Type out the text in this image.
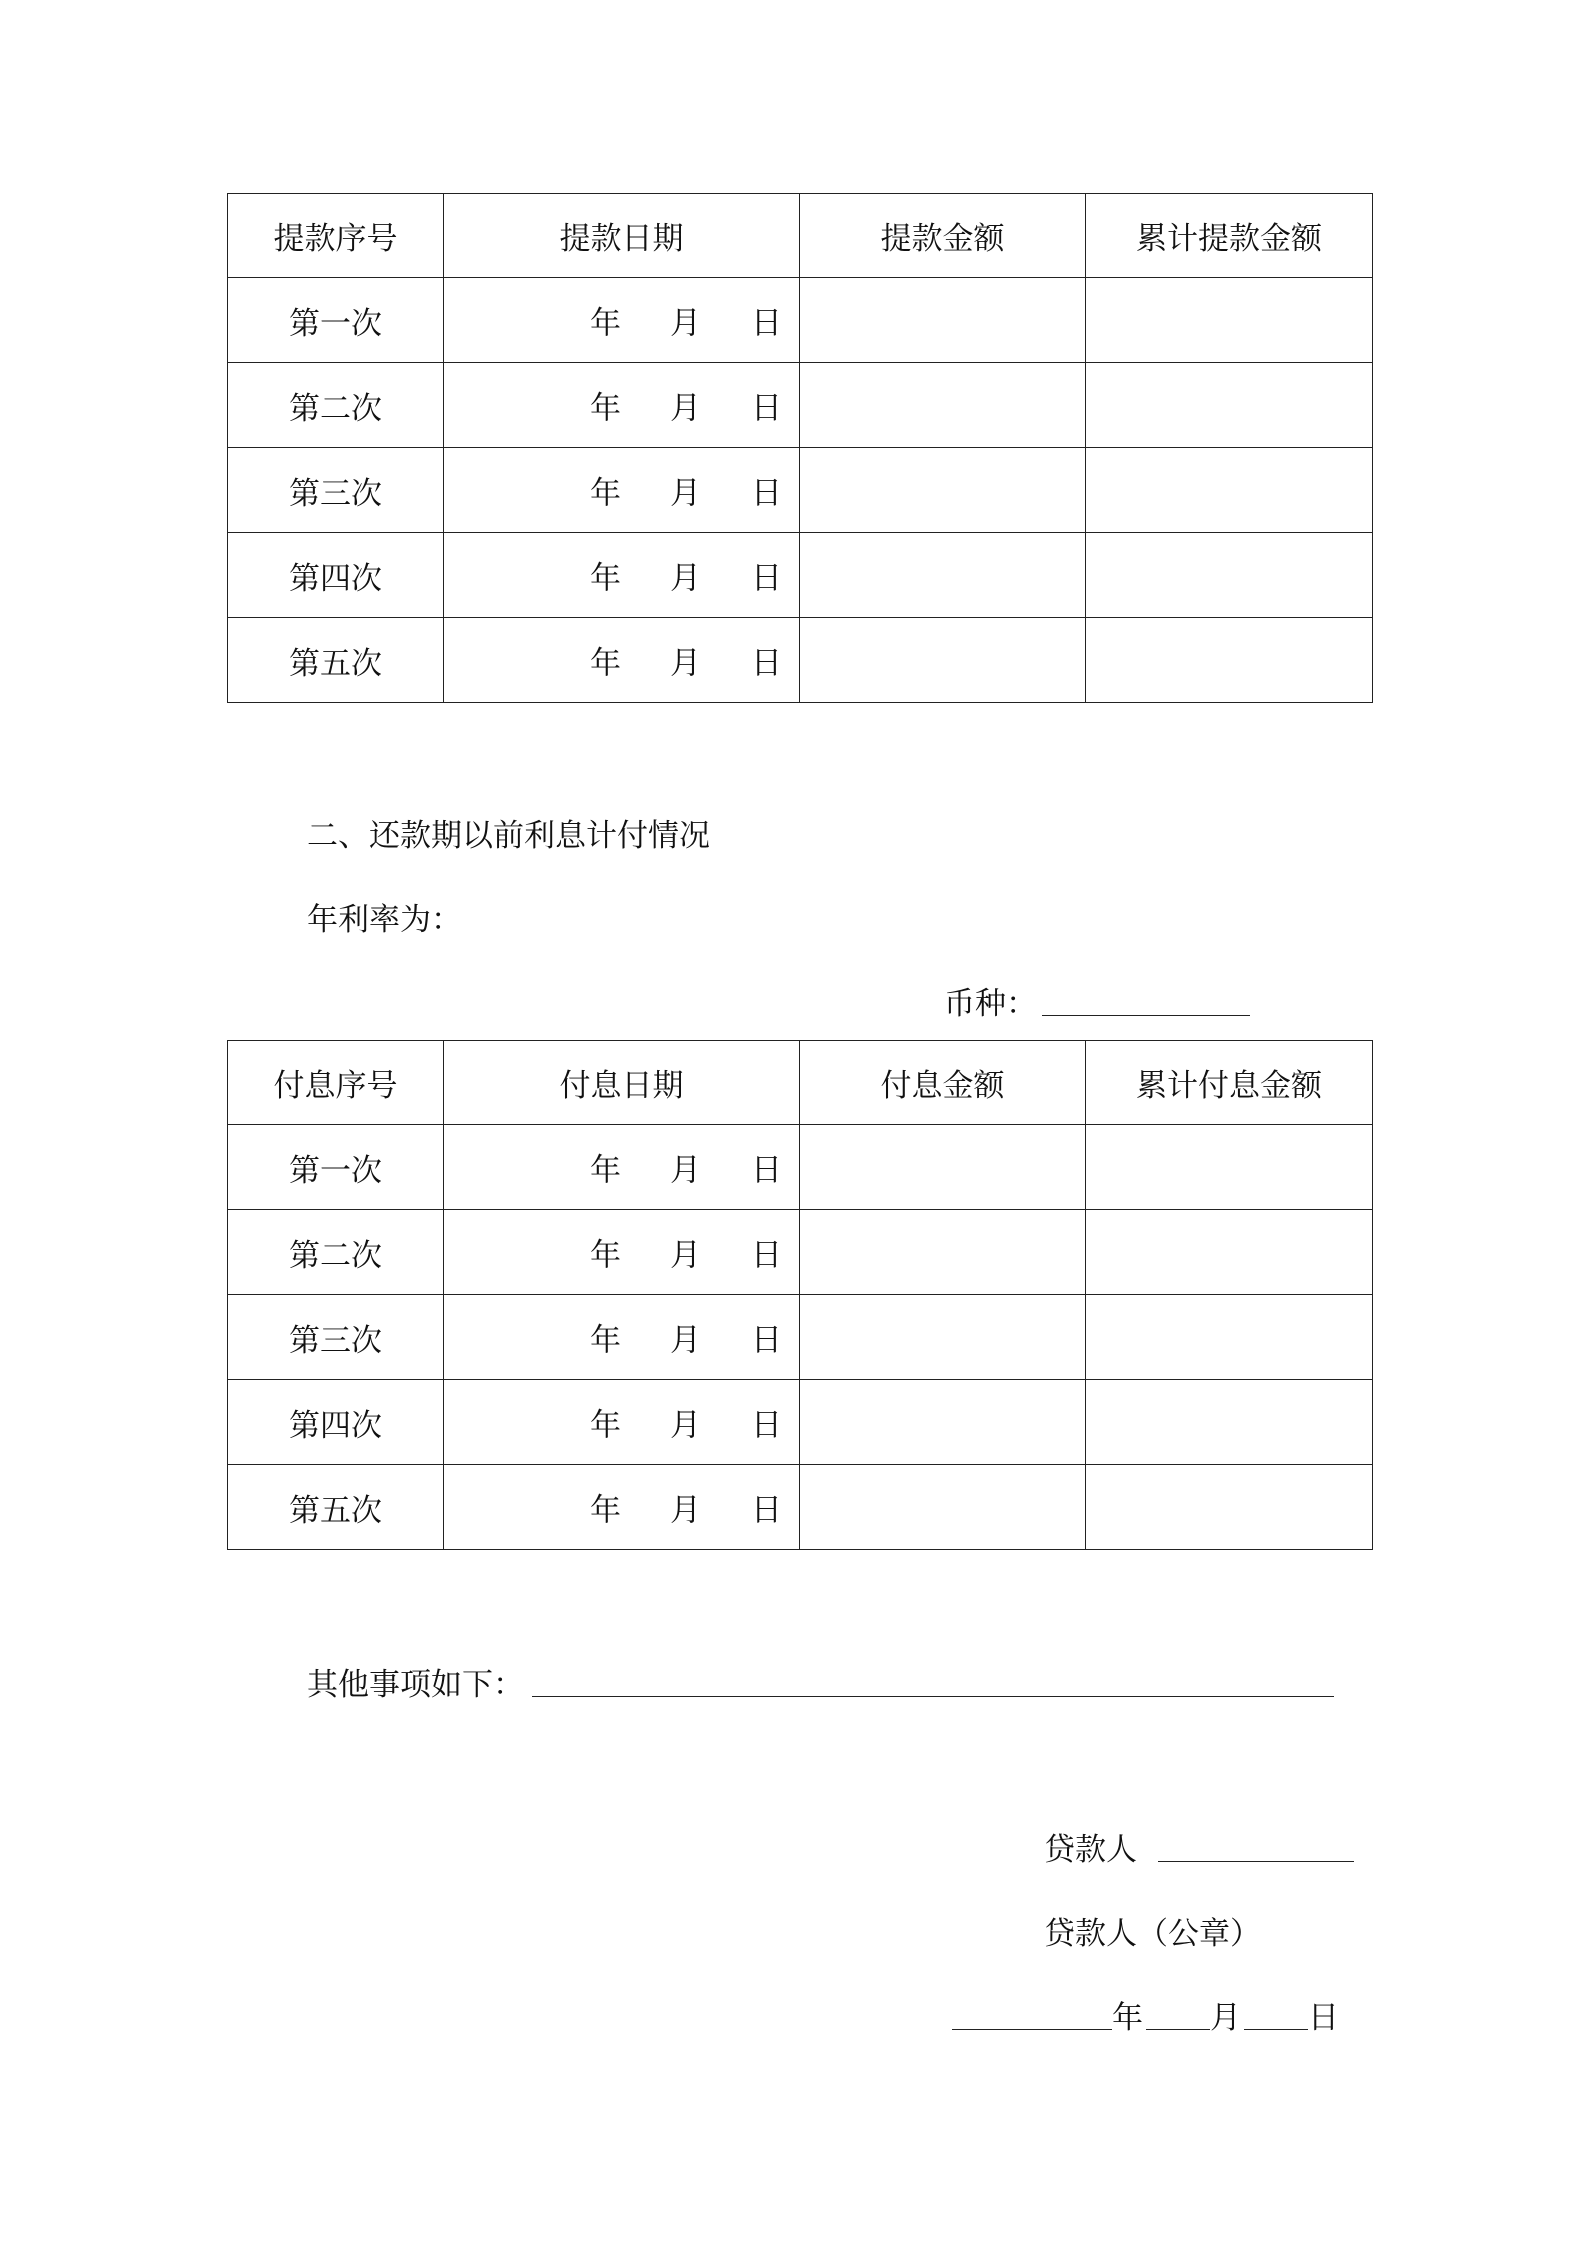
提款序号	提款日期	提款金额	累计提款金额
第一次	年 月 日		

第二次	年 月 日		

第三次	年 月 日		

第四次	年 月 日		

第五次	年 月 日		

二、还款期以前利息计付情况
年利率为：
币种：
付息序号	付息日期	付息金额	累计付息金额
第一次	年 月 日		

第二次	年 月 日		

第三次	年 月 日		

第四次	年 月 日		

第五次	年 月 日		

其他事项如下：
贷款人
贷款人（公章）
年 月 日
